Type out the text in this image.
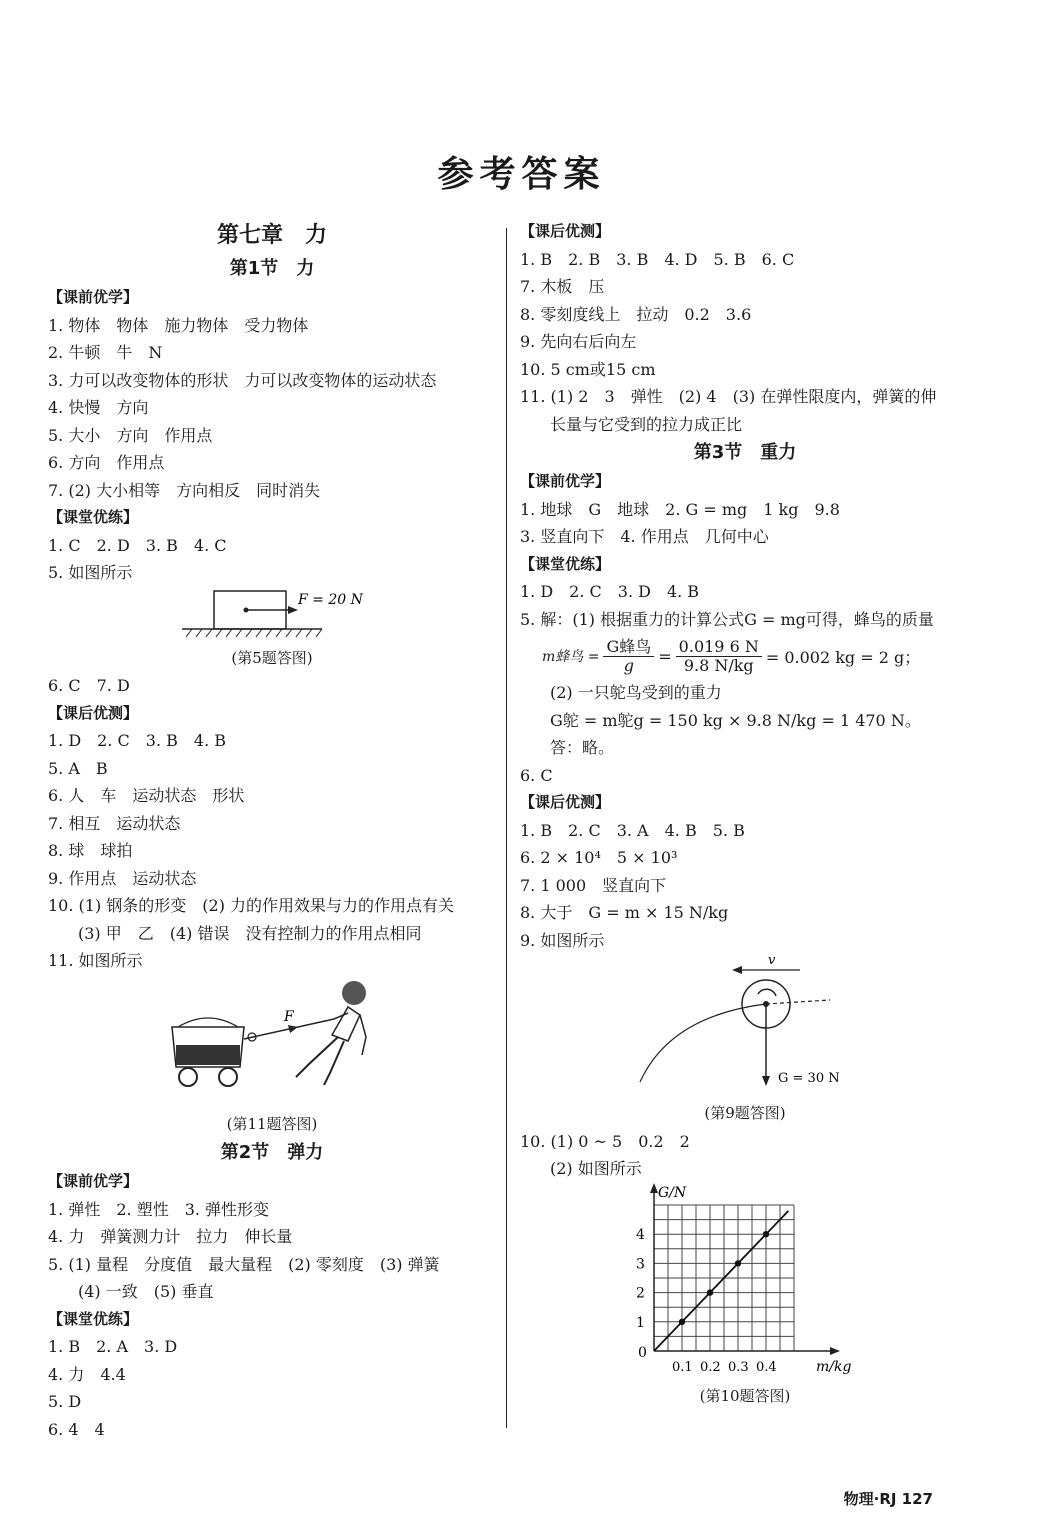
参考答案
第七章　力
第1节　力
【课前优学】
1. 物体　物体　施力物体　受力物体
2. 牛顿　牛　N
3. 力可以改变物体的形状　力可以改变物体的运动状态
4. 快慢　方向
5. 大小　方向　作用点
6. 方向　作用点
7. (2) 大小相等　方向相反　同时消失
【课堂优练】
1. C　2. D　3. B　4. C
5. 如图所示
F = 20 N
(第5题答图)
6. C　7. D
【课后优测】
1. D　2. C　3. B　4. B
5. A　B
6. 人　车　运动状态　形状
7. 相互　运动状态
8. 球　球拍
9. 作用点　运动状态
10. (1) 钢条的形变　(2) 力的作用效果与力的作用点有关
(3) 甲　乙　(4) 错误　没有控制力的作用点相同
11. 如图所示
F
(第11题答图)
第2节　弹力
【课前优学】
1. 弹性　2. 塑性　3. 弹性形变
4. 力　弹簧测力计　拉力　伸长量
5. (1) 量程　分度值　最大量程　(2) 零刻度　(3) 弹簧
(4) 一致　(5) 垂直
【课堂优练】
1. B　2. A　3. D
4. 力　4.4
5. D
6. 4　4
【课后优测】
1. B　2. B　3. B　4. D　5. B　6. C
7. 木板　压
8. 零刻度线上　拉动　0.2　3.6
9. 先向右后向左
10. 5 cm或15 cm
11. (1) 2　3　弹性　(2) 4　(3) 在弹性限度内，弹簧的伸
长量与它受到的拉力成正比
第3节　重力
【课前优学】
1. 地球　G　地球　2. G = mg　1 kg　9.8
3. 竖直向下　4. 作用点　几何中心
【课堂优练】
1. D　2. C　3. D　4. B
5. 解：(1) 根据重力的计算公式G = mg可得，蜂鸟的质量
m蜂鸟 = $\frac{\text{G蜂鸟}}{g} = \frac{0.019 6 N}{9.8 N/kg} = 0.002$ kg = 2 g；
(2) 一只鸵鸟受到的重力
G鸵 = m鸵g = 150 kg × 9.8 N/kg = 1 470 N。
答：略。
6. C
【课后优测】
1. B　2. C　3. A　4. B　5. B
6. 2 × 10⁴　5 × 10³
7. 1 000　竖直向下
8. 大于　G = m × 15 N/kg
9. 如图所示
v
G = 30 N
(第9题答图)
10. (1) 0 ~ 5　0.2　2
(2) 如图所示
m/kg
G/N
0
0.1 0.2 0.3 0.4
1
2
3
4
(第10题答图)
物理·RJ 127
